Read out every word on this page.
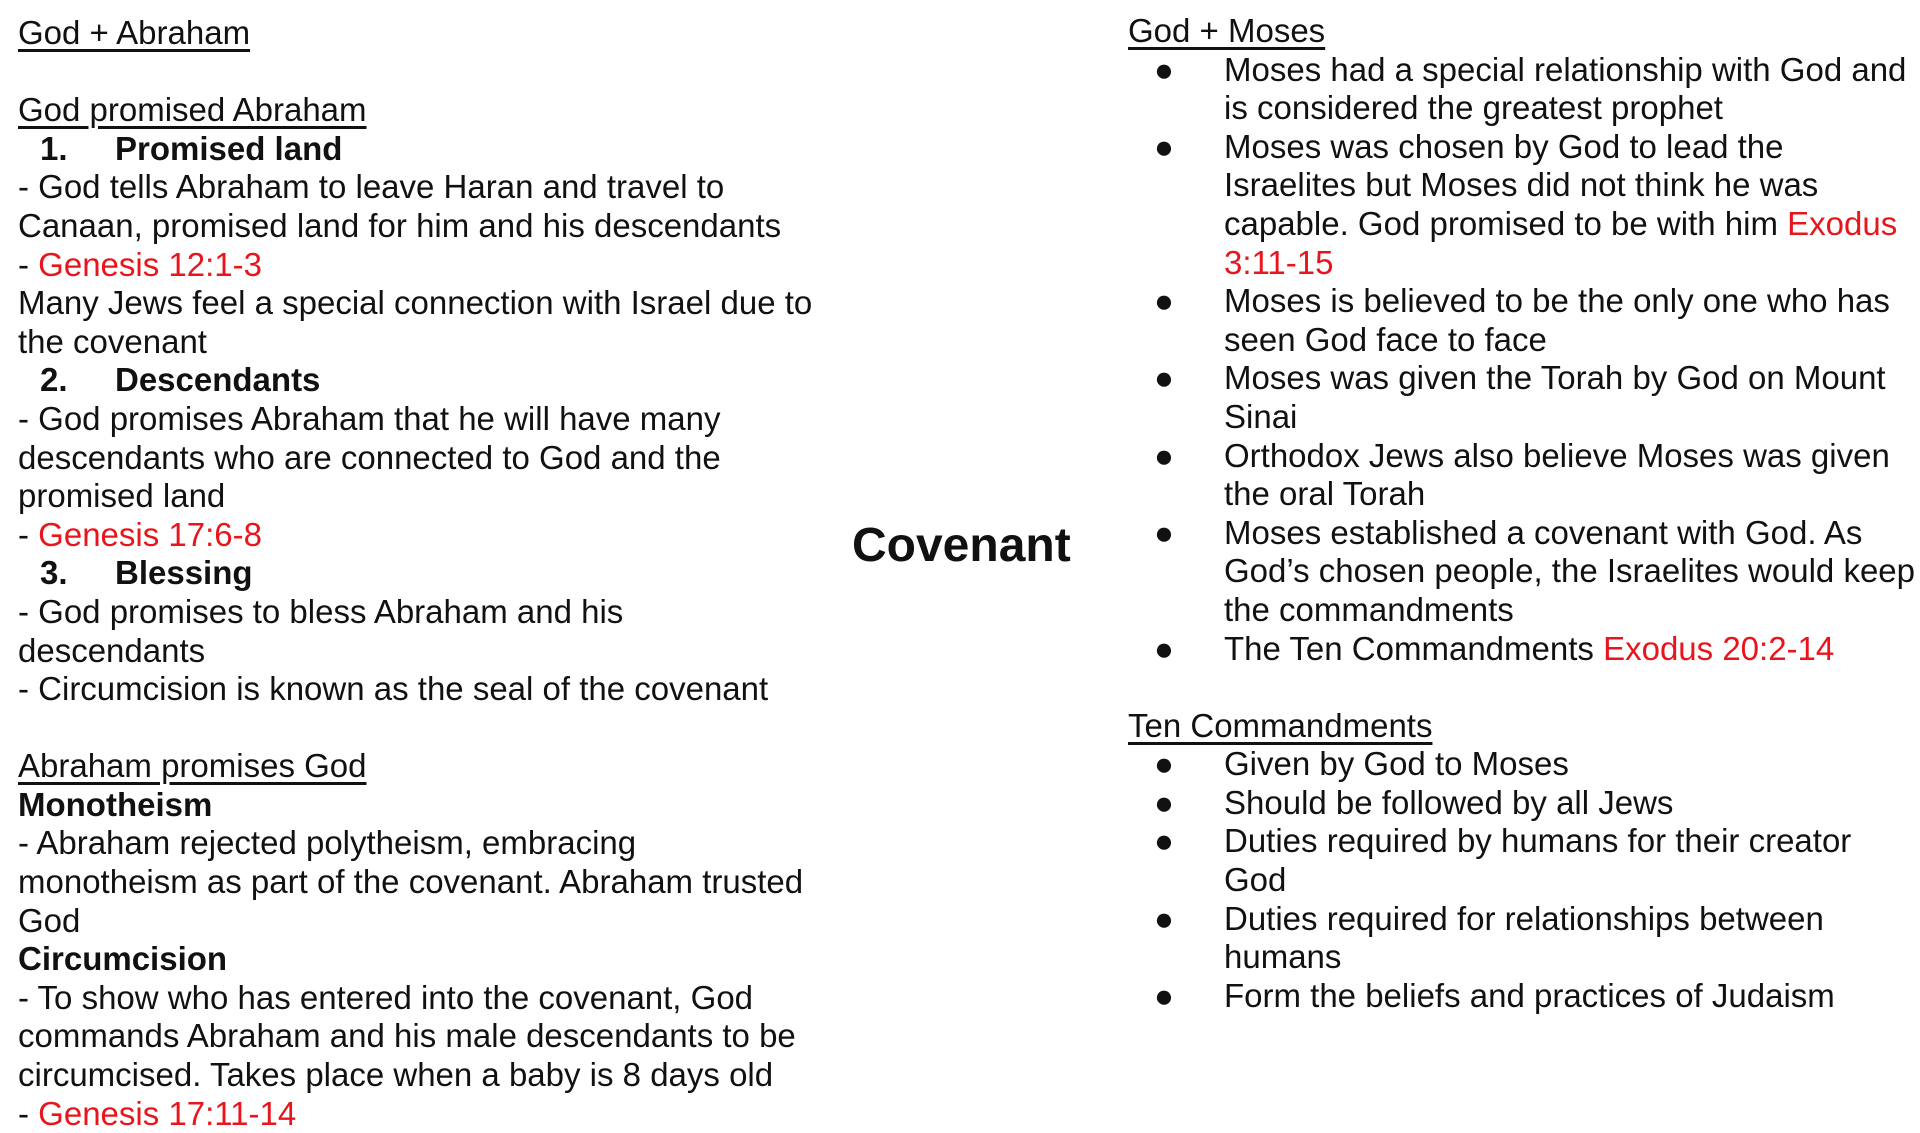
God + Abraham
God promised Abraham
1.	Promised land
- God tells Abraham to leave Haran and travel to Canaan, promised land for him and his descendants
- Genesis 12:1-3
Many Jews feel a special connection with Israel due to the covenant
2.	Descendants
- God promises Abraham that he will have many descendants who are connected to God and the promised land
- Genesis 17:6-8
3.	Blessing
- God promises to bless Abraham and his descendants
- Circumcision is known as the seal of the covenant
Abraham promises God
Monotheism
- Abraham rejected polytheism, embracing monotheism as part of the covenant. Abraham trusted God
Circumcision
- To show who has entered into the covenant, God commands Abraham and his male descendants to be circumcised. Takes place when a baby is 8 days old
- Genesis 17:11-14
Covenant
God + Moses
● Moses had a special relationship with God and is considered the greatest prophet
● Moses was chosen by God to lead the Israelites but Moses did not think he was capable. God promised to be with him Exodus 3:11-15
● Moses is believed to be the only one who has seen God face to face
● Moses was given the Torah by God on Mount Sinai
● Orthodox Jews also believe Moses was given the oral Torah
● Moses established a covenant with God. As God’s chosen people, the Israelites would keep the commandments
● The Ten Commandments Exodus 20:2-14
Ten Commandments
● Given by God to Moses
● Should be followed by all Jews
● Duties required by humans for their creator God
● Duties required for relationships between humans
● Form the beliefs and practices of Judaism
